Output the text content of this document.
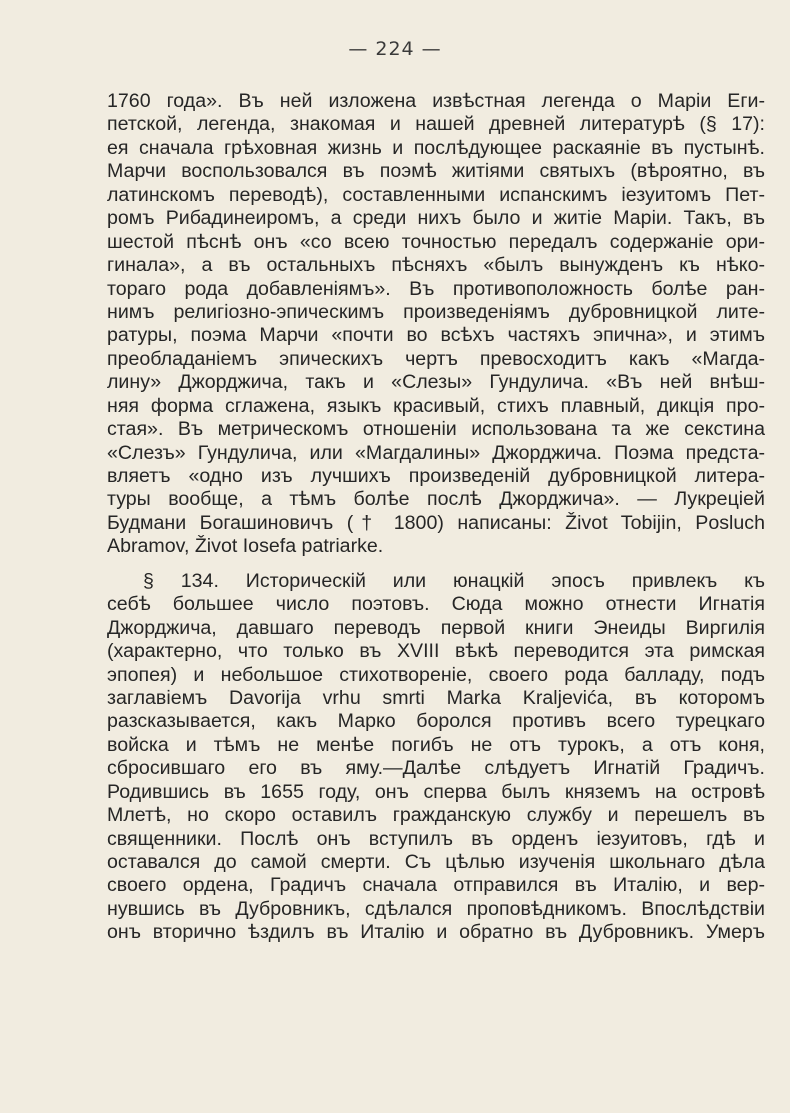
— 224 —
1760 года». Въ ней изложена извѣстная легенда о Маріи Еги-
петской, легенда, знакомая и нашей древней литературѣ (§ 17):
ея сначала грѣховная жизнь и послѣдующее раскаяніе въ пустынѣ.
Марчи воспользовался въ поэмѣ житіями святыхъ (вѣроятно, въ
латинскомъ переводѣ), составленными испанскимъ іезуитомъ Пет-
ромъ Рибадинеиромъ, а среди нихъ было и житіе Маріи. Такъ, въ
шестой пѣснѣ онъ «со всею точностью передалъ содержаніе ори-
гинала», а въ остальныхъ пѣсняхъ «былъ вынужденъ къ нѣко-
тораго рода добавленіямъ». Въ противоположность болѣе ран-
нимъ религіозно-эпическимъ произведеніямъ дубровницкой лите-
ратуры, поэма Марчи «почти во всѣхъ частяхъ эпична», и этимъ
преобладаніемъ эпическихъ чертъ превосходитъ какъ «Магда-
лину» Джорджича, такъ и «Слезы» Гундулича. «Въ ней внѣш-
няя форма сглажена, языкъ красивый, стихъ плавный, дикція про-
стая». Въ метрическомъ отношеніи использована та же секстина
«Слезъ» Гундулича, или «Магдалины» Джорджича. Поэма предста-
вляетъ «одно изъ лучшихъ произведеній дубровницкой литера-
туры вообще, а тѣмъ болѣе послѣ Джорджича». — Лукреціей
Будмани Богашиновичъ († 1800) написаны: Život Tobijin, Posluch
Abramov, Život Iosefa patriarke.
§ 134. Историческій или юнацкій эпосъ привлекъ къ
себѣ большее число поэтовъ. Сюда можно отнести Игнатія
Джорджича, давшаго переводъ первой книги Энеиды Виргилія
(характерно, что только въ XVIII вѣкѣ переводится эта римская
эпопея) и небольшое стихотвореніе, своего рода балладу, подъ
заглавіемъ Davorija vrhu smrti Marka Kraljevića, въ которомъ
разсказывается, какъ Марко боролся противъ всего турецкаго
войска и тѣмъ не менѣе погибъ не отъ турокъ, а отъ коня,
сбросившаго его въ яму.—Далѣе слѣдуетъ Игнатій Градичъ.
Родившись въ 1655 году, онъ сперва былъ княземъ на островѣ
Млетѣ, но скоро оставилъ гражданскую службу и перешелъ въ
священники. Послѣ онъ вступилъ въ орденъ іезуитовъ, гдѣ и
оставался до самой смерти. Съ цѣлью изученія школьнаго дѣла
своего ордена, Градичъ сначала отправился въ Италію, и вер-
нувшись въ Дубровникъ, сдѣлался проповѣдникомъ. Впослѣдствіи
онъ вторично ѣздилъ въ Италію и обратно въ Дубровникъ. Умеръ
